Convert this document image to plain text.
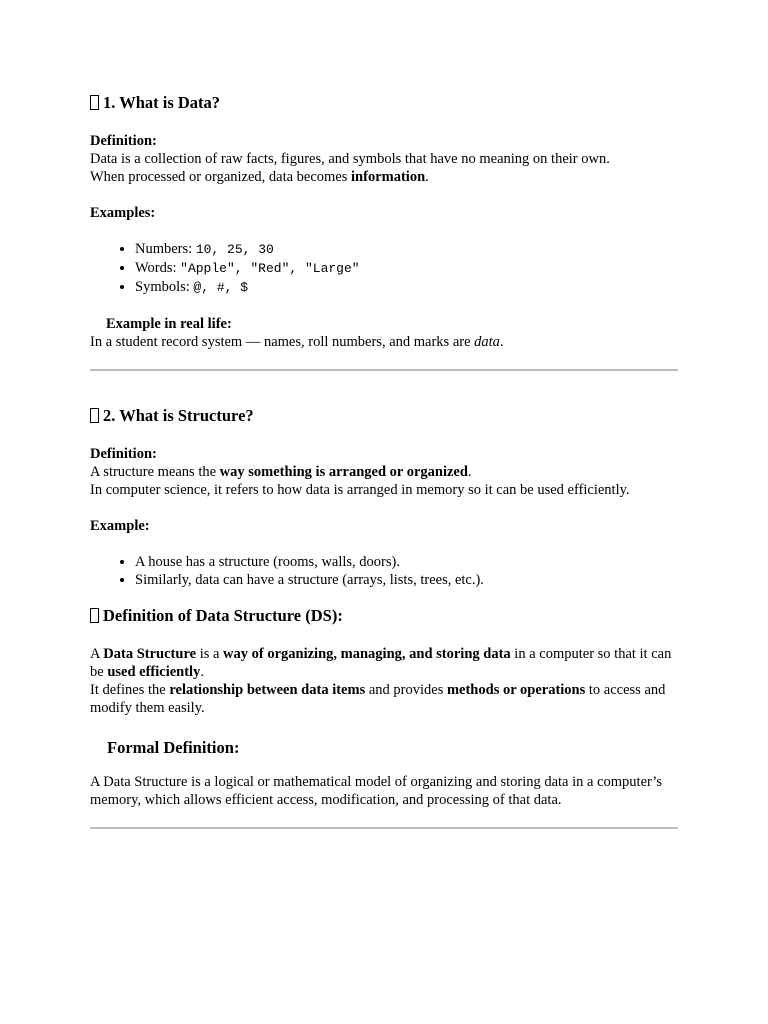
1. What is Data?

Definition:

Data is a collection of raw facts, figures, and symbols that have no meaning on their own.

When processed or organized, data becomes information.

Examples:

• Numbers: 10, 25, 30
• Words: "Apple", "Red", "Large"
• Symbols: @, #, $

Example in real life:

In a student record system — names, roll numbers, and marks are data.

2. What is Structure?

Definition:

A structure means the way something is arranged or organized.

In computer science, it refers to how data is arranged in memory so it can be used efficiently.

Example:

• A house has a structure (rooms, walls, doors).
• Similarly, data can have a structure (arrays, lists, trees, etc.).
Definition of Data Structure (DS):

A Data Structure is a way of organizing, managing, and storing data in a computer so that it can be used efficiently.

It defines the relationship between data items and provides methods or operations to access and modify them easily.

Formal Definition:

A Data Structure is a logical or mathematical model of organizing and storing data in a computer’s memory, which allows efficient access, modification, and processing of that data.
